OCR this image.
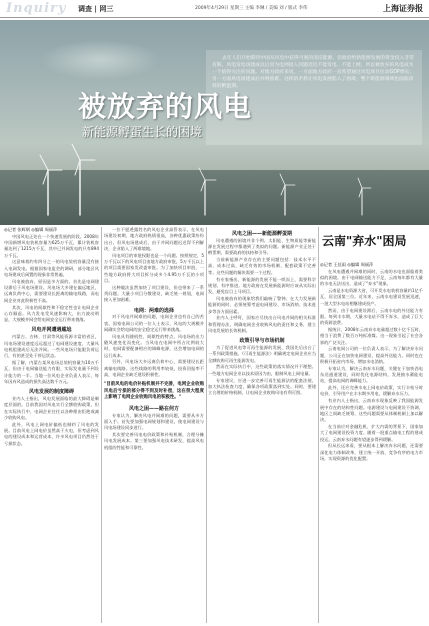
Inquiry 调查 | 网三	2009年4月29日 星期三 主编 李琳 / 美编 刘 / 版式 李伟	上海证券报

去年人们开始期待中国从风电中获得可观的清洁能源。但政府给新能源发展的资金投入非常有限，风电发电场建成以后因为电网接入问题迟迟不能发电、不能上网，所以被放弃的风电成为一个值得关注的问题。对地方政府来说，一方面地方政府一直希望通过风电项目拉动GDP增长；另一方面风电场建成后并网困难。这样的矛盾让风电发展陷入了困境，整个新能源领域也面临同样的孵蛋期。

被放弃的风电
新能源孵蛋生长的困境

◎记者 张辉炳 ◎编辑 周丽萍

中国风电正处在一个快速发展的阶段。2008年中国新增风电装机容量为625万千瓦，累计装机容量达到了1215万千瓦，其中已并网发电的只有894万千瓦。

这意味着约有四分之一的风电装机容量没有接入电网发电。根据国家电监会的调研，部分地区风电场建成后闲置的现象非常普遍。

风电被放弃，原因是多方面的。首先是电网建设滞后于风电场建设。风电场大多建在偏远地区，远离负荷中心，需要建设长距离的输电线路，而电网企业对此积极性不高。

其次，风电的间歇性和不稳定性也让电网企业心存顾虑。风力发电受风速影响大，出力波动明显，大规模并网会给电网安全运行带来挑战。

风电并网遭遇尴尬

内蒙古、吉林、甘肃等风能资源丰富的省区，风电场建设速度远远超过了电网建设速度，大量风电机组建成后无法并网。一些风电场只能限负荷运行，有的甚至处于停运状态。

据了解，内蒙古某风电场总装机容量为10万千瓦，但由于电网输送能力有限，实际发电量不到设计能力的一半。当地一位风电企业负责人表示，每年因弃风造成的损失高达数千万元。

风电发展的制度障碍

业内人士指出，风电发展面临的最大障碍是制度层面的。目前我国对风电实行全额收购政策，但在实际执行中，电网企业往往以各种理由拒绝或减少收购风电。

此外，风电上网电价偏低也制约了风电的发展。目前风电上网电价虽然高于火电，但考虑到风电的建设成本和运营成本，许多风电项目仍然处于亏损状态。

一位不愿透露姓名的风电企业高管表示，在风电场建设初期，地方政府热情很高，各种优惠政策纷纷出台。但风电场建成后，由于并网问题迟迟得不到解决，企业陷入了两难境地。

风电项目的审批权限也是一个问题。按照规定，5万千瓦以下的风电项目由地方政府审批，5万千瓦以上的项目需要国家发改委审批。为了加快项目审批，一些地方政府将大项目拆分成多个4.95万千瓦的小项目。

这种做法虽然加快了项目建设，但也带来了一系列问题。大量小项目分散建设，缺乏统一规划，电网接入更加困难。

电网：两难的选择

对于风电并网难的问题，电网企业也有自己的苦衷。国家电网公司的一位人士表示，风电的大规模并网确实会给电网的安全稳定运行带来挑战。

风电具有随机性、间歇性的特点，风电场的出力随风速变化而变化。当风电在电网中所占比例较大时，电网需要配备相应的调峰电源，这会增加电网的运行成本。

另外，风电场大多远离负荷中心，需要建设长距离输电线路。这些线路的利用率较低，投资回报率不高，电网企业缺乏建设积极性。

"目前风电的电价补贴机制并不完善，电网企业收购风电后亏损的部分得不到及时补偿，这在很大程度上影响了电网企业收购风电的积极性。"

风电之困——路在何方

专家认为，解决风电并网难的问题，需要从多方面入手。首先要加强电网规划和建设，使电网建设与风电场建设同步进行。

其次要完善风电电价政策和补贴机制，合理分摊风电发展成本。第三要加强风电技术研发，提高风电机组的性能和可靠性。

风电之困——新能源孵蛋期

风电遭遇的困境并非个例。太阳能、生物质能等新能源在发展过程中都遇到了类似的问题。新能源产业正处于孵蛋期，需要政府的扶持和引导。

当前新能源产业存在的主要问题包括：技术水平不高、成本过高、缺乏有效的市场机制、配套政策不完善等。这些问题的解决需要一个过程。

有专家指出，新能源的发展不能一哄而上，需要科学规划、有序推进。地方政府在发展新能源时应该从实际出发，避免盲目上马项目。

风电被放弃的现象给我们敲响了警钟。在大力发展新能源的同时，必须统筹考虑电网建设、市场消纳、技术进步等各方面因素。

业内人士呼吁，国家应尽快出台风电并网的相关标准和管理办法，明确电网企业收购风电的责任和义务，建立风电发展的长效机制。

政策引导与市场机制

为了促进风电等可再生能源的发展，我国先后出台了一系列政策措施。《可再生能源法》明确规定电网企业应当全额收购可再生能源发电。

然而在实际执行中，这些政策的落实情况并不理想。一些地方电网企业以技术原因为由，限制风电上网电量。

专家建议，应进一步完善可再生能源法的配套法规，加大执法检查力度，确保各项政策落到实处。同时，要建立合理的价格机制，让电网企业收购风电有利可图。

云南"弃水"困局

◎记者 王佳雨 ◎编辑 周丽萍

在风电遭遇并网难的同时，云南的水电也面临着类似的困境。由于电网输送能力不足，云南每年都有大量的水电无法送出，造成了"弃水"现象。

云南是水电资源大省，可开发水电装机容量约1亿千瓦，居全国第三位。近年来，云南水电建设发展迅速，一批大型水电站相继建成投产。

然而，由于电网建设滞后，云南水电的外送能力有限。每到丰水期，大量水电站不得不弃水，造成了巨大的资源浪费。

据统计，2008年云南弃水电量超过数十亿千瓦时，相当于浪费了数百万吨标准煤。这一现象引起了社会各界的广泛关注。

云南电网公司的一位负责人表示，为了解决弃水问题，公司正在加快电网建设，提高外送能力。同时也在积极开拓省内市场，增加水电消纳。

专家认为，解决云南弃水问题，关键在于加快西电东送通道建设，同时优化电源结构，发展抽水蓄能电站，提高电网的调峰能力。

此外，还应完善水电上网电价政策，实行丰枯分时电价，引导用户在丰水期多用电，缓解弃水压力。

有业内人士指出，云南弃水现象反映了我国能源发展中存在的结构性问题。电源建设与电网建设不协调，地区之间缺乏统筹，这些问题需要从体制机制上加以解决。

在当前应对金融危机、扩大内需的背景下，国家加大了电网建设投资力度。随着一批重点输电工程的建成投运，云南弃水问题有望逐步得到缓解。

但从长远来看，要从根本上解决弃水问题，还需要深化电力体制改革，建立统一开放、竞争有序的电力市场，实现资源的优化配置。
